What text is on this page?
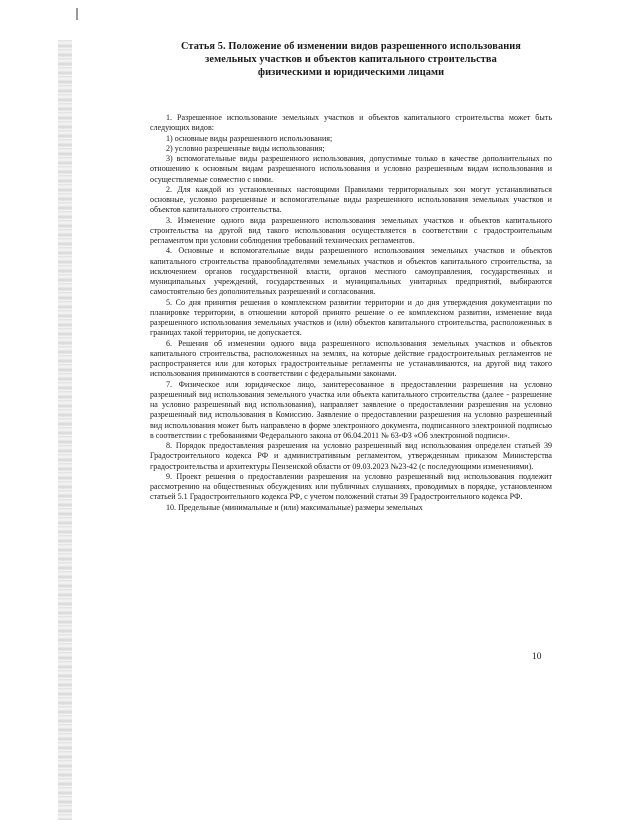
Статья 5. Положение об изменении видов разрешенного использования
земельных участков и объектов капитального строительства
физическими и юридическими лицами

1. Разрешенное использование земельных участков и объектов капитального строительства может быть следующих видов:

1) основные виды разрешенного использования;

2) условно разрешенные виды использования;

3) вспомогательные виды разрешенного использования, допустимые только в качестве дополнительных по отношению к основным видам разрешенного использования и условно разрешенным видам использования и осуществляемые совместно с ними.

2. Для каждой из установленных настоящими Правилами территориальных зон могут устанавливаться основные, условно разрешенные и вспомогательные виды разрешенного использования земельных участков и объектов капитального строительства.

3. Изменение одного вида разрешенного использования земельных участков и объектов капитального строительства на другой вид такого использования осуществляется в соответствии с градостроительным регламентом при условии соблюдения требований технических регламентов.

4. Основные и вспомогательные виды разрешенного использования земельных участков и объектов капитального строительства правообладателями земельных участков и объектов капитального строительства, за исключением органов государственной власти, органов местного самоуправления, государственных и муниципальных учреждений, государственных и муниципальных унитарных предприятий, выбираются самостоятельно без дополнительных разрешений и согласования.

5. Со дня принятия решения о комплексном развитии территории и до дня утверждения документации по планировке территории, в отношении которой принято решение о ее комплексном развитии, изменение вида разрешенного использования земельных участков и (или) объектов капитального строительства, расположенных в границах такой территории, не допускается.

6. Решения об изменении одного вида разрешенного использования земельных участков и объектов капитального строительства, расположенных на землях, на которые действие градостроительных регламентов не распространяется или для которых градостроительные регламенты не устанавливаются, на другой вид такого использования принимаются в соответствии с федеральными законами.

7. Физическое или юридическое лицо, заинтересованное в предоставлении разрешения на условно разрешенный вид использования земельного участка или объекта капитального строительства (далее - разрешение на условно разрешенный вид использования), направляет заявление о предоставлении разрешения на условно разрешенный вид использования в Комиссию. Заявление о предоставлении разрешения на условно разрешенный вид использования может быть направлено в форме электронного документа, подписанного электронной подписью в соответствии с требованиями Федерального закона от 06.04.2011 № 63-ФЗ «Об электронной подписи».

8. Порядок предоставления разрешения на условно разрешенный вид использования определен статьей 39 Градостроительного кодекса РФ и административным регламентом, утвержденным приказом Министерства градостроительства и архитектуры Пензенской области от 09.03.2023 №23-42 (с последующими изменениями).

9. Проект решения о предоставлении разрешения на условно разрешенный вид использования подлежит рассмотрению на общественных обсуждениях или публичных слушаниях, проводимых в порядке, установленном статьей 5.1 Градостроительного кодекса РФ, с учетом положений статьи 39 Градостроительного кодекса РФ.

10. Предельные (минимальные и (или) максимальные) размеры земельных

10
